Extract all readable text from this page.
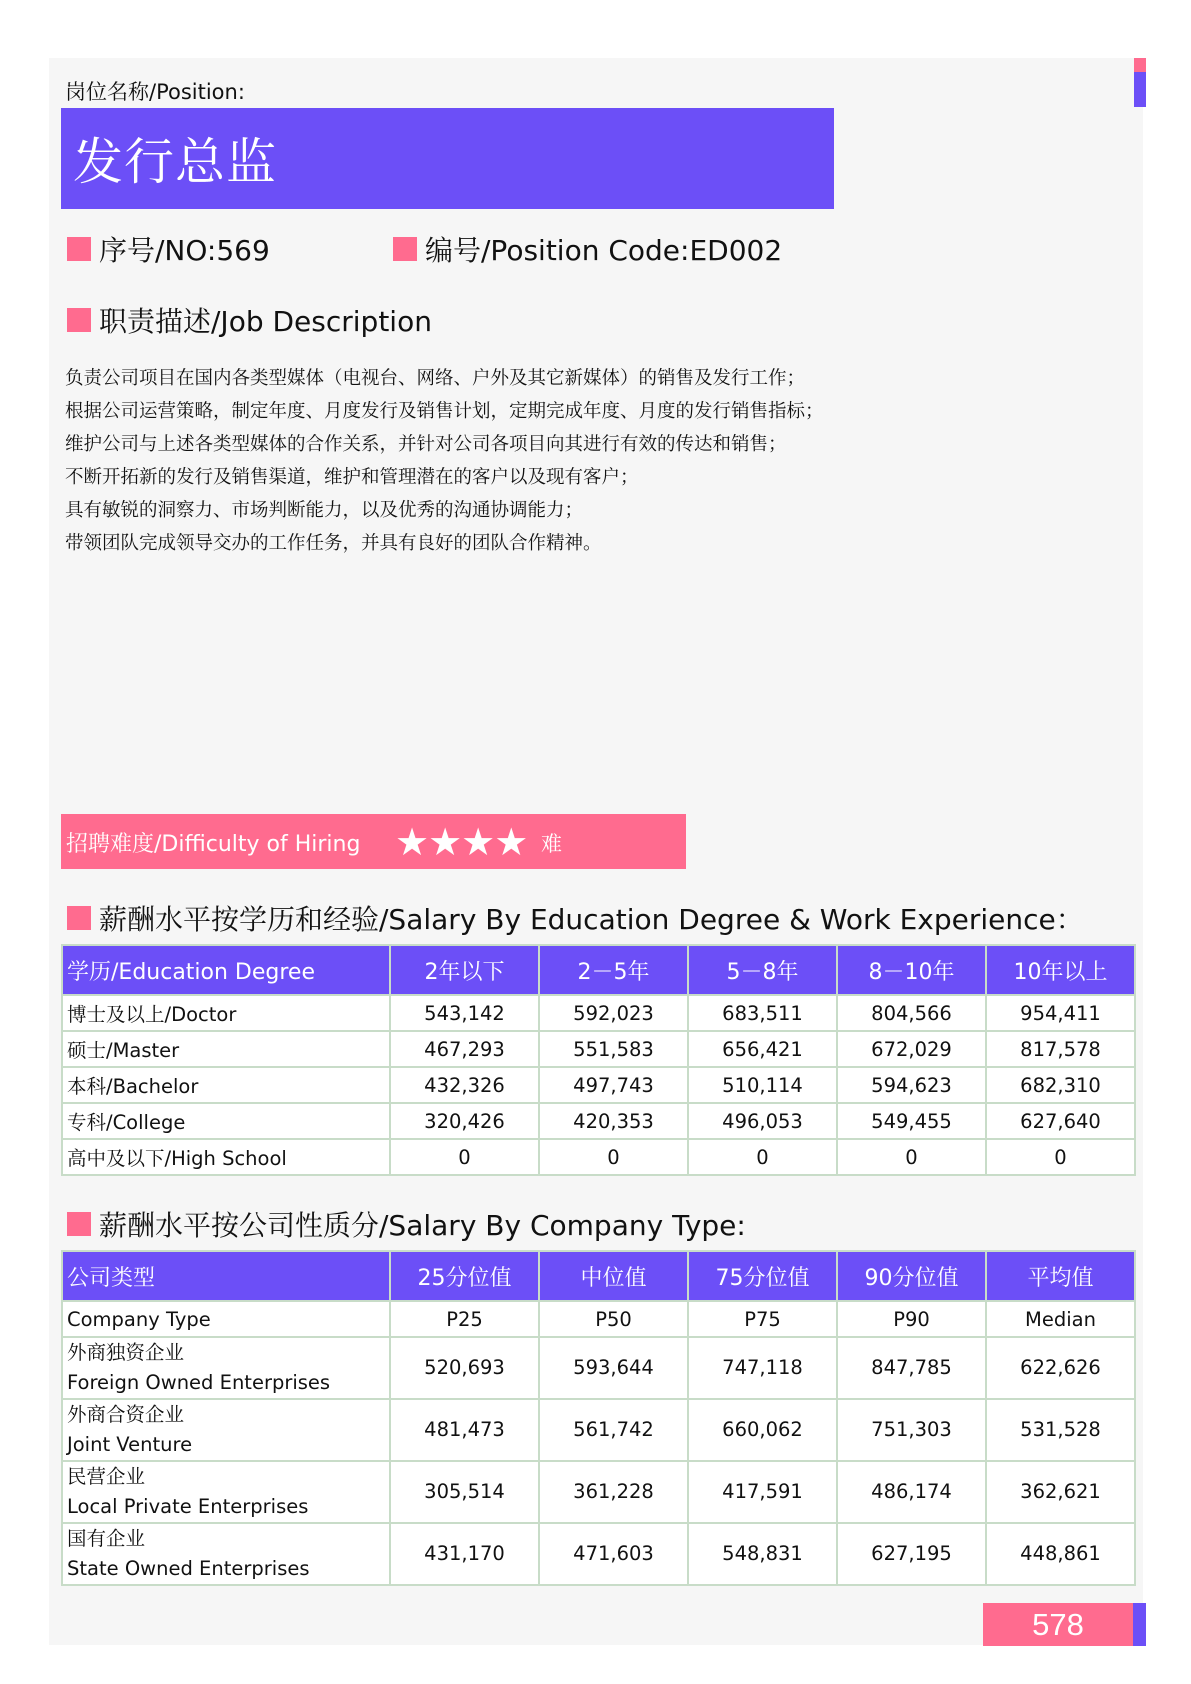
岗位名称/Position:
发行总监
序号/NO:569	编号/Position Code:ED002
职责描述/Job Description
负责公司项目在国内各类型媒体（电视台、网络、户外及其它新媒体）的销售及发行工作；
根据公司运营策略，制定年度、月度发行及销售计划，定期完成年度、月度的发行销售指标；
维护公司与上述各类型媒体的合作关系，并针对公司各项目向其进行有效的传达和销售；
不断开拓新的发行及销售渠道，维护和管理潜在的客户以及现有客户；
具有敏锐的洞察力、市场判断能力，以及优秀的沟通协调能力；
带领团队完成领导交办的工作任务，并具有良好的团队合作精神。
招聘难度/Difficulty of Hiring ★★★★ 难
薪酬水平按学历和经验/Salary By Education Degree & Work Experience：
学历/Education Degree	2年以下	2－5年	5－8年	8－10年	10年以上
博士及以上/Doctor	543,142	592,023	683,511	804,566	954,411
硕士/Master	467,293	551,583	656,421	672,029	817,578
本科/Bachelor	432,326	497,743	510,114	594,623	682,310
专科/College	320,426	420,353	496,053	549,455	627,640
高中及以下/High School	0	0	0	0	0
薪酬水平按公司性质分/Salary By Company Type:
公司类型	25分位值	中位值	75分位值	90分位值	平均值
Company Type	P25	P50	P75	P90	Median

外商独资企业
Foreign Owned Enterprises	520,693	593,644	747,118	847,785	622,626

外商合资企业
Joint Venture	481,473	561,742	660,062	751,303	531,528

民营企业
Local Private Enterprises	305,514	361,228	417,591	486,174	362,621

国有企业
State Owned Enterprises	431,170	471,603	548,831	627,195	448,861
578
